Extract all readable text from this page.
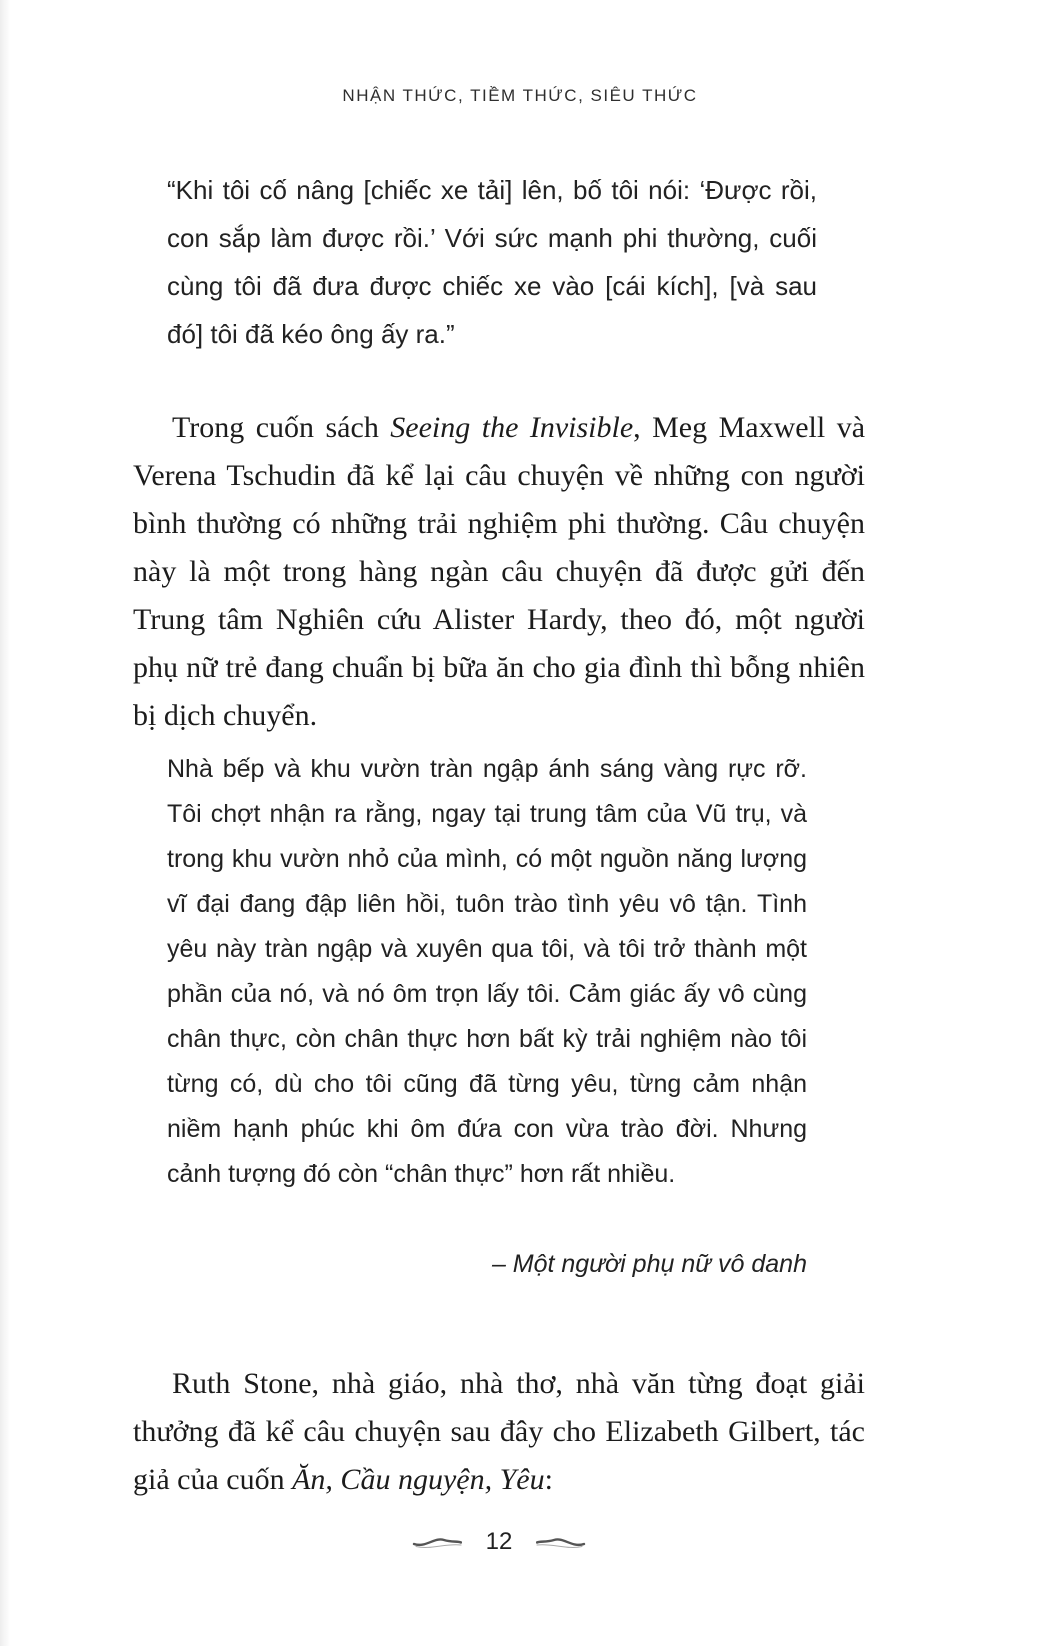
NHẬN THỨC, TIỀM THỨC, SIÊU THỨC
“Khi tôi cố nâng [chiếc xe tải] lên, bố tôi nói: ‘Được rồi, con sắp làm được rồi.’ Với sức mạnh phi thường, cuối cùng tôi đã đưa được chiếc xe vào [cái kích], [và sau đó] tôi đã kéo ông ấy ra.”

Trong cuốn sách Seeing the Invisible, Meg Maxwell và Verena Tschudin đã kể lại câu chuyện về những con người bình thường có những trải nghiệm phi thường. Câu chuyện này là một trong hàng ngàn câu chuyện đã được gửi đến Trung tâm Nghiên cứu Alister Hardy, theo đó, một người phụ nữ trẻ đang chuẩn bị bữa ăn cho gia đình thì bỗng nhiên bị dịch chuyển.

Nhà bếp và khu vườn tràn ngập ánh sáng vàng rực rỡ. Tôi chợt nhận ra rằng, ngay tại trung tâm của Vũ trụ, và trong khu vườn nhỏ của mình, có một nguồn năng lượng vĩ đại đang đập liên hồi, tuôn trào tình yêu vô tận. Tình yêu này tràn ngập và xuyên qua tôi, và tôi trở thành một phần của nó, và nó ôm trọn lấy tôi. Cảm giác ấy vô cùng chân thực, còn chân thực hơn bất kỳ trải nghiệm nào tôi từng có, dù cho tôi cũng đã từng yêu, từng cảm nhận niềm hạnh phúc khi ôm đứa con vừa trào đời. Nhưng cảnh tượng đó còn “chân thực” hơn rất nhiều.
– Một người phụ nữ vô danh

Ruth Stone, nhà giáo, nhà thơ, nhà văn từng đoạt giải thưởng đã kể câu chuyện sau đây cho Elizabeth Gilbert, tác giả của cuốn Ăn, Cầu nguyện, Yêu:

12
